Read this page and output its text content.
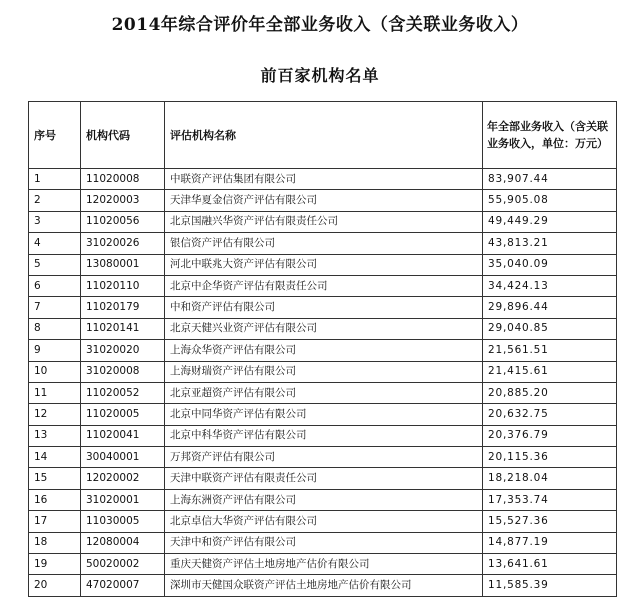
2014年综合评价年全部业务收入（含关联业务收入）
前百家机构名单
序号	机构代码	评估机构名称	年全部业务收入（含关联业务收入，单位：万元）
1	11020008	中联资产评估集团有限公司	83,907.44
2	12020003	天津华夏金信资产评估有限公司	55,905.08
3	11020056	北京国融兴华资产评估有限责任公司	49,449.29
4	31020026	银信资产评估有限公司	43,813.21
5	13080001	河北中联兆大资产评估有限公司	35,040.09
6	11020110	北京中企华资产评估有限责任公司	34,424.13
7	11020179	中和资产评估有限公司	29,896.44
8	11020141	北京天健兴业资产评估有限公司	29,040.85
9	31020020	上海众华资产评估有限公司	21,561.51
10	31020008	上海财瑞资产评估有限公司	21,415.61
11	11020052	北京亚超资产评估有限公司	20,885.20
12	11020005	北京中同华资产评估有限公司	20,632.75
13	11020041	北京中科华资产评估有限公司	20,376.79
14	30040001	万邦资产评估有限公司	20,115.36
15	12020002	天津中联资产评估有限责任公司	18,218.04
16	31020001	上海东洲资产评估有限公司	17,353.74
17	11030005	北京卓信大华资产评估有限公司	15,527.36
18	12080004	天津中和资产评估有限公司	14,877.19
19	50020002	重庆天健资产评估土地房地产估价有限公司	13,641.61
20	47020007	深圳市天健国众联资产评估土地房地产估价有限公司	11,585.39
